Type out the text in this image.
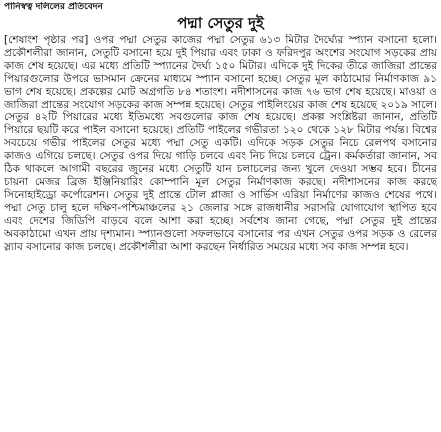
পানিস্বত্ব দলিলের প্রতিবেদন
পদ্মা সেতুর দুই
[শেষাংশ পৃষ্ঠার পর] ওপর পদ্মা সেতুর কাজের পদ্মা সেতুর ৬১৩ মিটার দৈর্ঘ্যের স্প্যান বসানো হলো। প্রকৌশলীরা জানান, সেতুটি বসানো হয়ে দুই পিয়ার এবং ঢাকা ও ফরিদপুর অংশের সংযোগ সড়কের প্রায় কাজ শেষ হয়েছে। এর মধ্যে প্রতিটি স্প্যানের দৈর্ঘ্য ১৫০ মিটার। এদিকে দুই দিকের তীরে জাজিরা প্রান্তের পিয়ারগুলোর উপরে ভাসমান ক্রেনের মাধ্যমে স্প্যান বসানো হচ্ছে। সেতুর মূল কাঠামোর নির্মাণকাজ ৯১ ভাগ শেষ হয়েছে। প্রকল্পের মোট অগ্রগতি ৮৪ শতাংশ। নদীশাসনের কাজ ৭৬ ভাগ শেষ হয়েছে। মাওয়া ও জাজিরা প্রান্তের সংযোগ সড়কের কাজ সম্পন্ন হয়েছে। সেতুর পাইলিংয়ের কাজ শেষ হয়েছে ২০১৯ সালে। সেতুর ৪২টি পিয়ারের মধ্যে ইতিমধ্যে সবগুলোর কাজ শেষ হয়েছে। প্রকল্প সংশ্লিষ্টরা জানান, প্রতিটি পিয়ারে ছয়টি করে পাইল বসানো হয়েছে। প্রতিটি পাইলের গভীরতা ১২০ থেকে ১২৮ মিটার পর্যন্ত। বিশ্বের সবচেয়ে গভীর পাইলের সেতুর মধ্যে পদ্মা সেতু একটি। এদিকে সড়ক সেতুর নিচে রেলপথ বসানোর কাজও এগিয়ে চলছে। সেতুর ওপর দিয়ে গাড়ি চলবে এবং নিচ দিয়ে চলবে ট্রেন। কর্মকর্তারা জানান, সব ঠিক থাকলে আগামী বছরের জুনের মধ্যে সেতুটি যান চলাচলের জন্য খুলে দেওয়া সম্ভব হবে। চীনের চায়না মেজর ব্রিজ ইঞ্জিনিয়ারিং কোম্পানি মূল সেতুর নির্মাণকাজ করছে। নদীশাসনের কাজ করছে সিনোহাইড্রো কর্পোরেশন। সেতুর দুই প্রান্তে টোল প্লাজা ও সার্ভিস এরিয়া নির্মাণের কাজও শেষের পথে। পদ্মা সেতু চালু হলে দক্ষিণ-পশ্চিমাঞ্চলের ২১ জেলার সঙ্গে রাজধানীর সরাসরি যোগাযোগ স্থাপিত হবে এবং দেশের জিডিপি বাড়বে বলে আশা করা হচ্ছে। সর্বশেষ জানা গেছে, পদ্মা সেতুর দুই প্রান্তের অবকাঠামো এখন প্রায় দৃশ্যমান। স্প্যানগুলো সফলভাবে বসানোর পর এখন সেতুর ওপর সড়ক ও রেলের স্ল্যাব বসানোর কাজ চলছে। প্রকৌশলীরা আশা করছেন নির্ধারিত সময়ের মধ্যে সব কাজ সম্পন্ন হবে।
